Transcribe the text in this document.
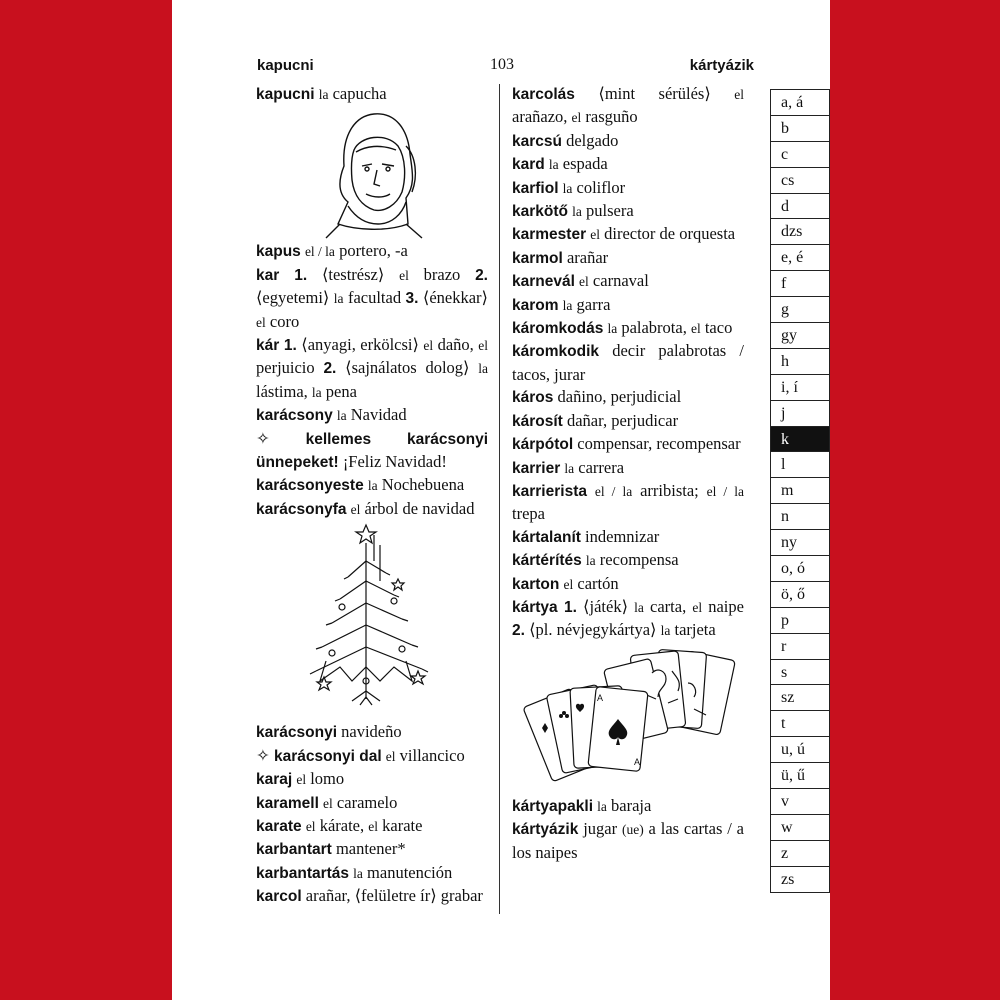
kapucni	103	kártyázik

kapucni la capucha

kapus el / la portero, -a

kar 1. ⟨testrész⟩ el brazo 2. ⟨egyetemi⟩ la facultad 3. ⟨énekkar⟩ el coro

kár 1. ⟨anyagi, erkölcsi⟩ el daño, el perjuicio 2. ⟨sajnálatos dolog⟩ la lástima, la pena

karácsony la Navidad

✧ kellemes karácsonyi ünnepeket! ¡Feliz Navidad!

karácsonyeste la Nochebuena

karácsonyfa el árbol de navidad

karácsonyi navideño

✧ karácsonyi dal el villancico

karaj el lomo

karamell el caramelo

karate el kárate, el karate

karbantart mantener*

karbantartás la manutención

karcol arañar, ⟨felületre ír⟩ grabar

karcolás ⟨mint sérülés⟩ el arañazo, el rasguño

karcsú delgado

kard la espada

karfiol la coliflor

karkötő la pulsera

karmester el director de orquesta

karmol arañar

karnevál el carnaval

karom la garra

káromkodás la palabrota, el taco

káromkodik decir palabrotas / tacos, jurar

káros dañino, perjudicial

károsít dañar, perjudicar

kárpótol compensar, recompensar

karrier la carrera

karrierista el / la arribista; el / la trepa

kártalanít indemnizar

kártérítés la recompensa

karton el cartón

kártya 1. ⟨játék⟩ la carta, el naipe 2. ⟨pl. névjegykártya⟩ la tarjeta

A
A

kártyapakli la baraja

kártyázik jugar (ue) a las cartas / a los naipes

a, á
b
c
cs
d
dzs
e, é
f
g
gy
h
i, í
j
k
l
m
n
ny
o, ó
ö, ő
p
r
s
sz
t
u, ú
ü, ű
v
w
z
zs
